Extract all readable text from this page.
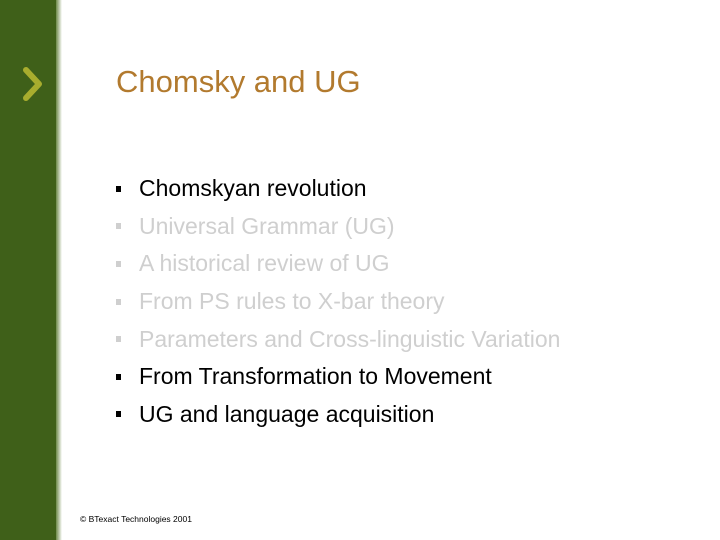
Chomsky and UG
Chomskyan revolution
Universal Grammar (UG)
A historical review of UG
From PS rules to X-bar theory
Parameters and Cross-linguistic Variation
From Transformation to Movement
UG and language acquisition
© BTexact Technologies 2001
